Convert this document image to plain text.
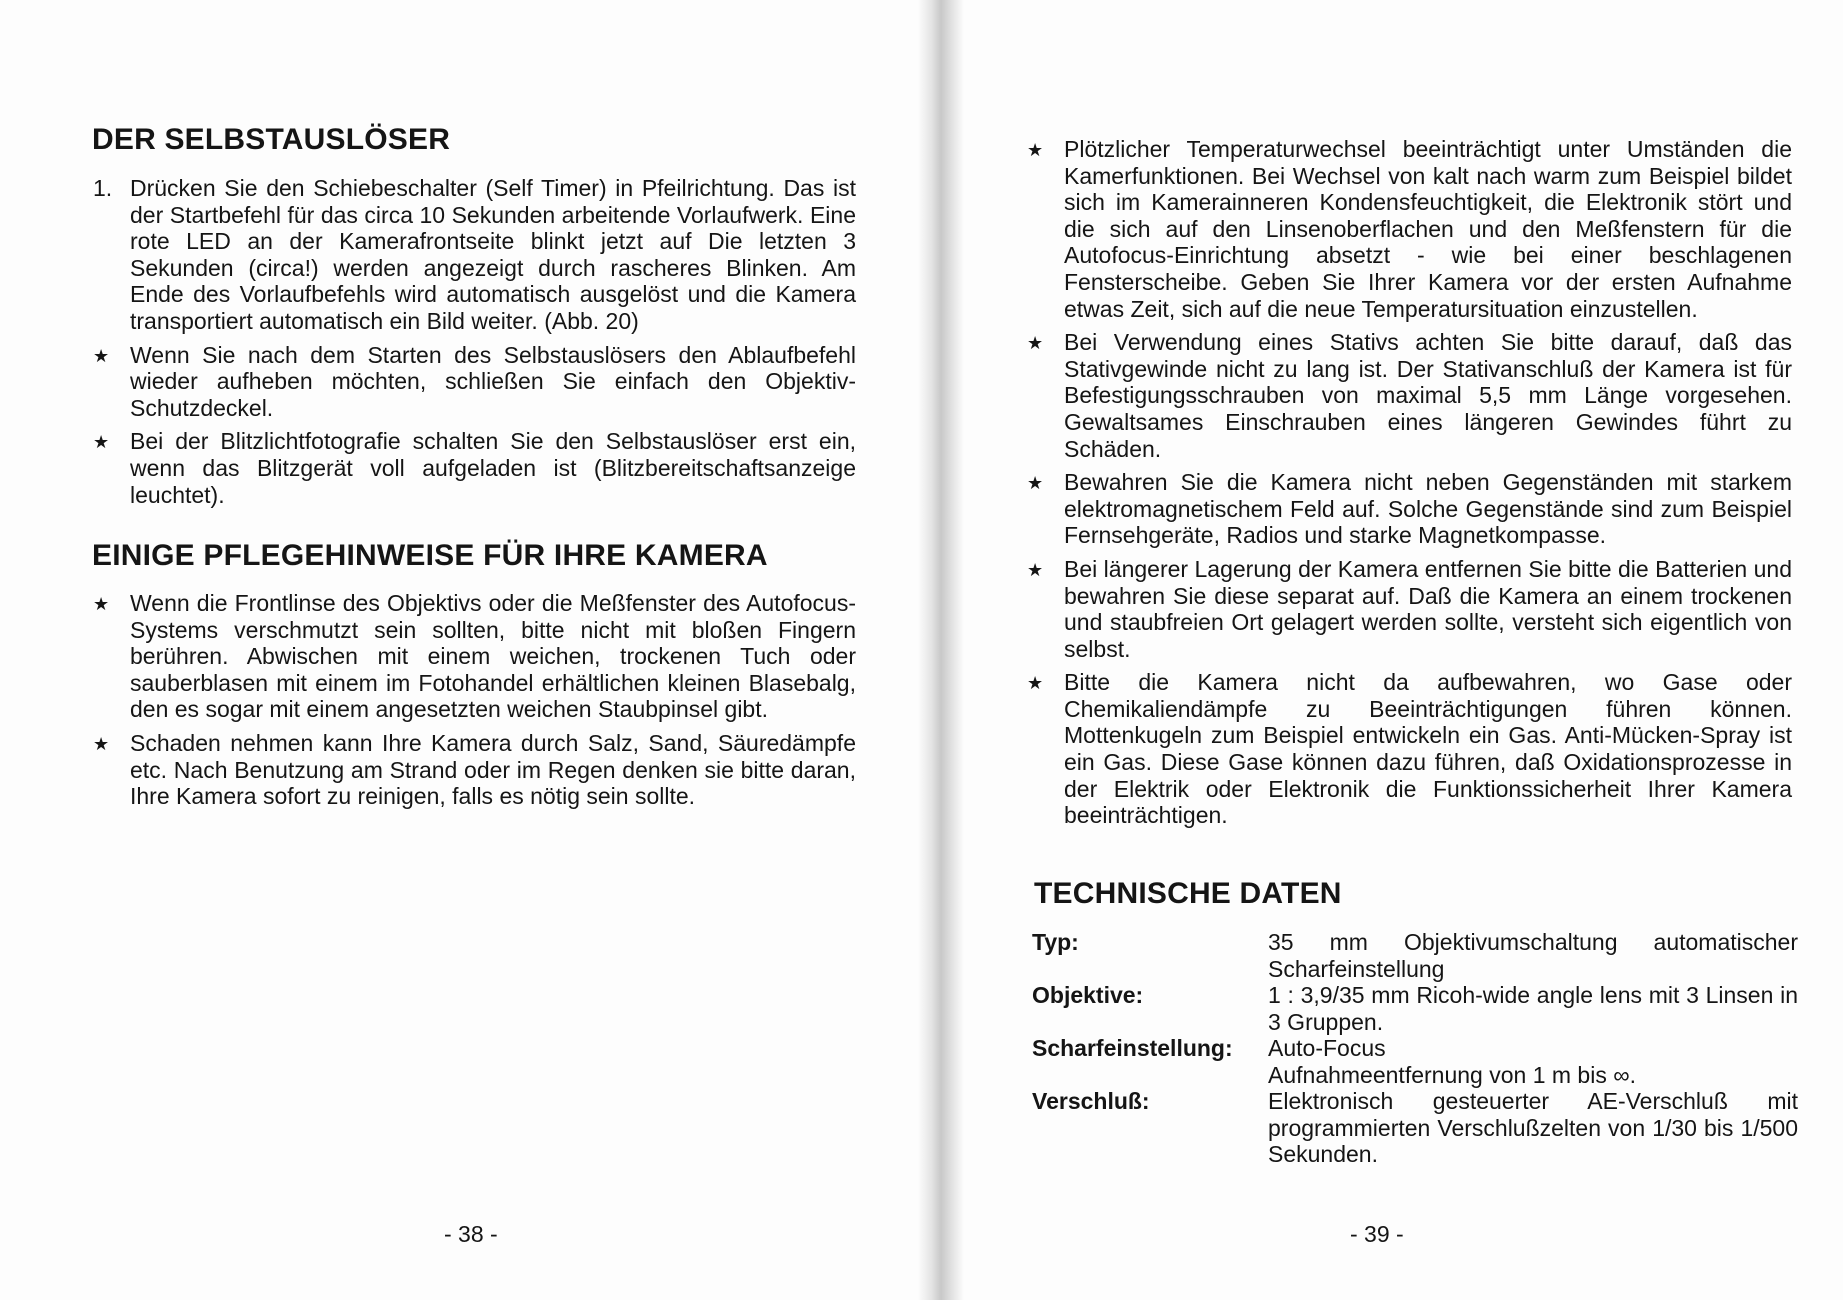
DER SELBSTAUSLÖSER
1. Drücken Sie den Schiebeschalter (Self Timer) in Pfeilrichtung. Das ist der Startbefehl für das circa 10 Sekunden arbeitende Vorlaufwerk. Eine rote LED an der Kamerafrontseite blinkt jetzt auf Die letzten 3 Sekunden (circa!) werden angezeigt durch rascheres Blinken. Am Ende des Vorlaufbefehls wird automatisch ausgelöst und die Kamera transportiert automatisch ein Bild weiter. (Abb. 20)

★ Wenn Sie nach dem Starten des Selbstauslösers den Ablaufbefehl wieder aufheben möchten, schließen Sie einfach den Objektiv-Schutzdeckel.

★ Bei der Blitzlichtfotografie schalten Sie den Selbstauslöser erst ein, wenn das Blitzgerät voll aufgeladen ist (Blitzbereitschaftsanzeige leuchtet).

EINIGE PFLEGEHINWEISE FÜR IHRE KAMERA
★ Wenn die Frontlinse des Objektivs oder die Meßfenster des Autofocus-Systems verschmutzt sein sollten, bitte nicht mit bloßen Fingern berühren. Abwischen mit einem weichen, trockenen Tuch oder sauberblasen mit einem im Fotohandel erhältlichen kleinen Blasebalg, den es sogar mit einem angesetzten weichen Staubpinsel gibt.

★ Schaden nehmen kann Ihre Kamera durch Salz, Sand, Säuredämpfe etc. Nach Benutzung am Strand oder im Regen denken sie bitte daran, Ihre Kamera sofort zu reinigen, falls es nötig sein sollte.

- 38 -
★ Plötzlicher Temperaturwechsel beeinträchtigt unter Umständen die Kamerfunktionen. Bei Wechsel von kalt nach warm zum Beispiel bildet sich im Kamerainneren Kondensfeuchtigkeit, die Elektronik stört und die sich auf den Linsenoberflachen und den Meßfenstern für die Autofocus-Einrichtung absetzt - wie bei einer beschlagenen Fensterscheibe. Geben Sie Ihrer Kamera vor der ersten Aufnahme etwas Zeit, sich auf die neue Temperatursituation einzustellen.

★ Bei Verwendung eines Stativs achten Sie bitte darauf, daß das Stativgewinde nicht zu lang ist. Der Stativanschluß der Kamera ist für Befestigungsschrauben von maximal 5,5 mm Länge vorgesehen. Gewaltsames Einschrauben eines längeren Gewindes führt zu Schäden.

★ Bewahren Sie die Kamera nicht neben Gegenständen mit starkem elektromagnetischem Feld auf. Solche Gegenstände sind zum Beispiel Fernsehgeräte, Radios und starke Magnetkompasse.

★ Bei längerer Lagerung der Kamera entfernen Sie bitte die Batterien und bewahren Sie diese separat auf. Daß die Kamera an einem trockenen und staubfreien Ort gelagert werden sollte, versteht sich eigentlich von selbst.

★ Bitte die Kamera nicht da aufbewahren, wo Gase oder Chemikaliendämpfe zu Beeinträchtigungen führen können. Mottenkugeln zum Beispiel entwickeln ein Gas. Anti-Mücken-Spray ist ein Gas. Diese Gase können dazu führen, daß Oxidationsprozesse in der Elektrik oder Elektronik die Funktionssicherheit Ihrer Kamera beeinträchtigen.

TECHNISCHE DATEN
Typ:	35 mm Objektivumschaltung automatischer Scharfeinstellung
Objektive:	1 : 3,9/35 mm Ricoh-wide angle lens mit 3 Linsen in 3 Gruppen.
Scharfeinstellung:	Auto-Focus
Aufnahmeentfernung von 1 m bis ∞.
Verschluß:	Elektronisch gesteuerter AE-Verschluß mit programmierten Verschlußzelten von 1/30 bis 1/500 Sekunden.
- 39 -
